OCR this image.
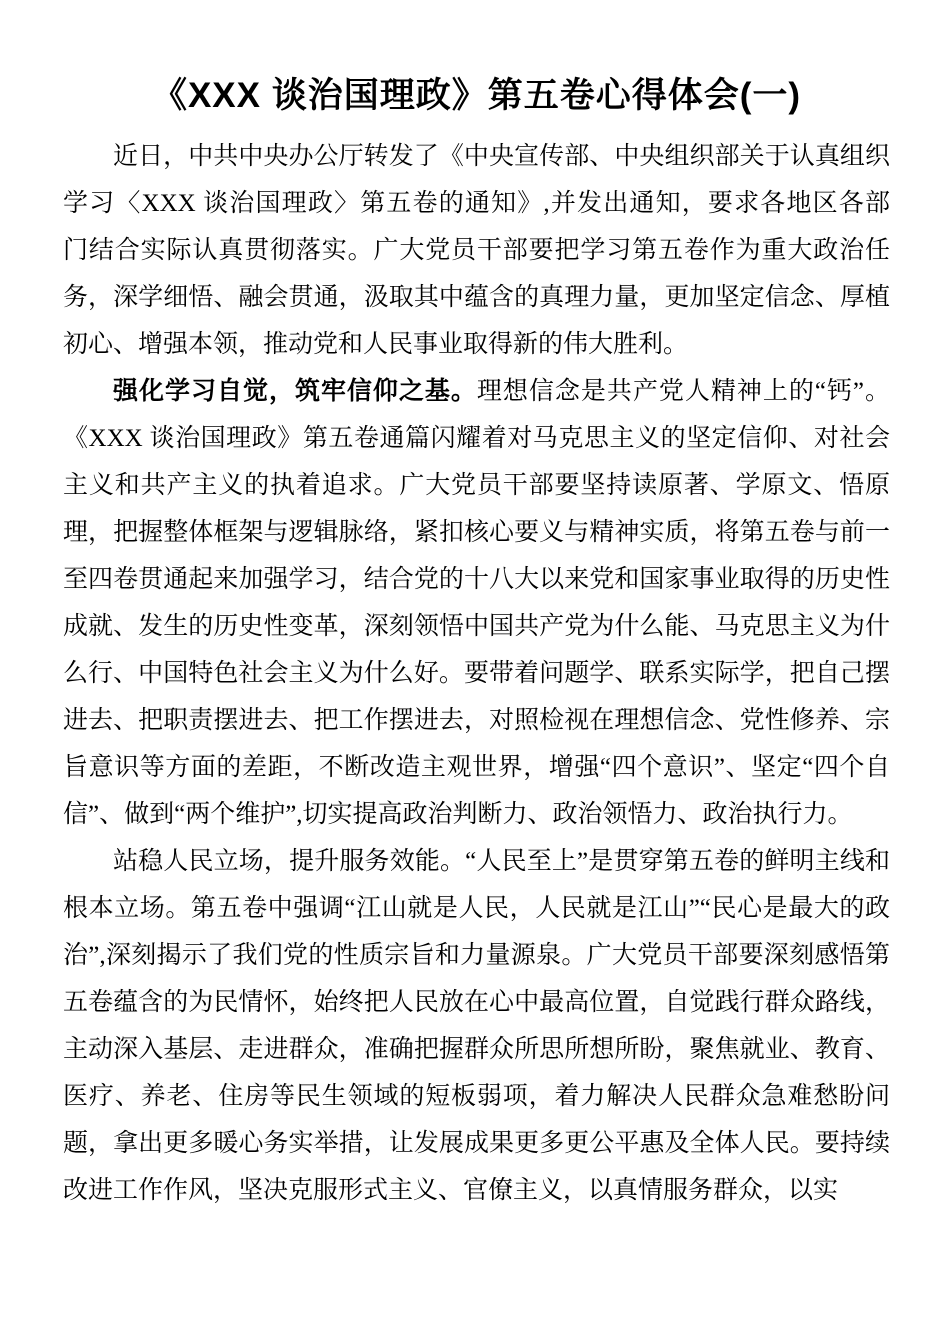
《XXX 谈治国理政》第五卷心得体会(一)

近日，中共中央办公厅转发了《中央宣传部、中央组织部关于认真组织学习〈XXX 谈治国理政〉第五卷的通知》,并发出通知，要求各地区各部　门结合实际认真贯彻落实。广大党员干部要把学习第五卷作为重大政治任务，深学细悟、融会贯通，汲取其中蕴含的真理力量，更加坚定信念、厚植初心、增强本领，推动党和人民事业取得新的伟大胜利。

强化学习自觉，筑牢信仰之基。理想信念是共产党人精神上的“钙”。《XXX 谈治国理政》第五卷通篇闪耀着对马克思主义的坚定信仰、对社会主义和共产主义的执着追求。广大党员干部要坚持读原著、学原文、悟原理，把握整体框架与逻辑脉络，紧扣核心要义与精神实质，将第五卷与前一至四卷贯通起来加强学习，结合党的十八大以来党和国家事业取得的历史性成就、发生的历史性变革，深刻领悟中国共产党为什么能、马克思主义为什么行、中国特色社会主义为什么好。要带着问题学、联系实际学，把自己摆进去、把职责摆进去、把工作摆进去，对照检视在理想信念、党性修养、宗旨意识等方面的差距，不断改造主观世界，增强“四个意识”、坚定“四个自信”、做到“两个维护”,切实提高政治判断力、政治领悟力、政治执行力。

站稳人民立场，提升服务效能。“人民至上”是贯穿第五卷的鲜明主线和根本立场。第五卷中强调“江山就是人民，人民就是江山”“民心是最大的政治”,深刻揭示了我们党的性质宗旨和力量源泉。广大党员干部要深刻感悟第五卷蕴含的为民情怀，始终把人民放在心中最高位置，自觉践行群众路线，主动深入基层、走进群众，准确把握群众所思所想所盼，聚焦就业、教育、医疗、养老、住房等民生领域的短板弱项，着力解决人民群众急难愁盼问题，拿出更多暖心务实举措，让发展成果更多更公平惠及全体人民。要持续改进工作作风，坚决克服形式主义、官僚主义，以真情服务群众，以实
